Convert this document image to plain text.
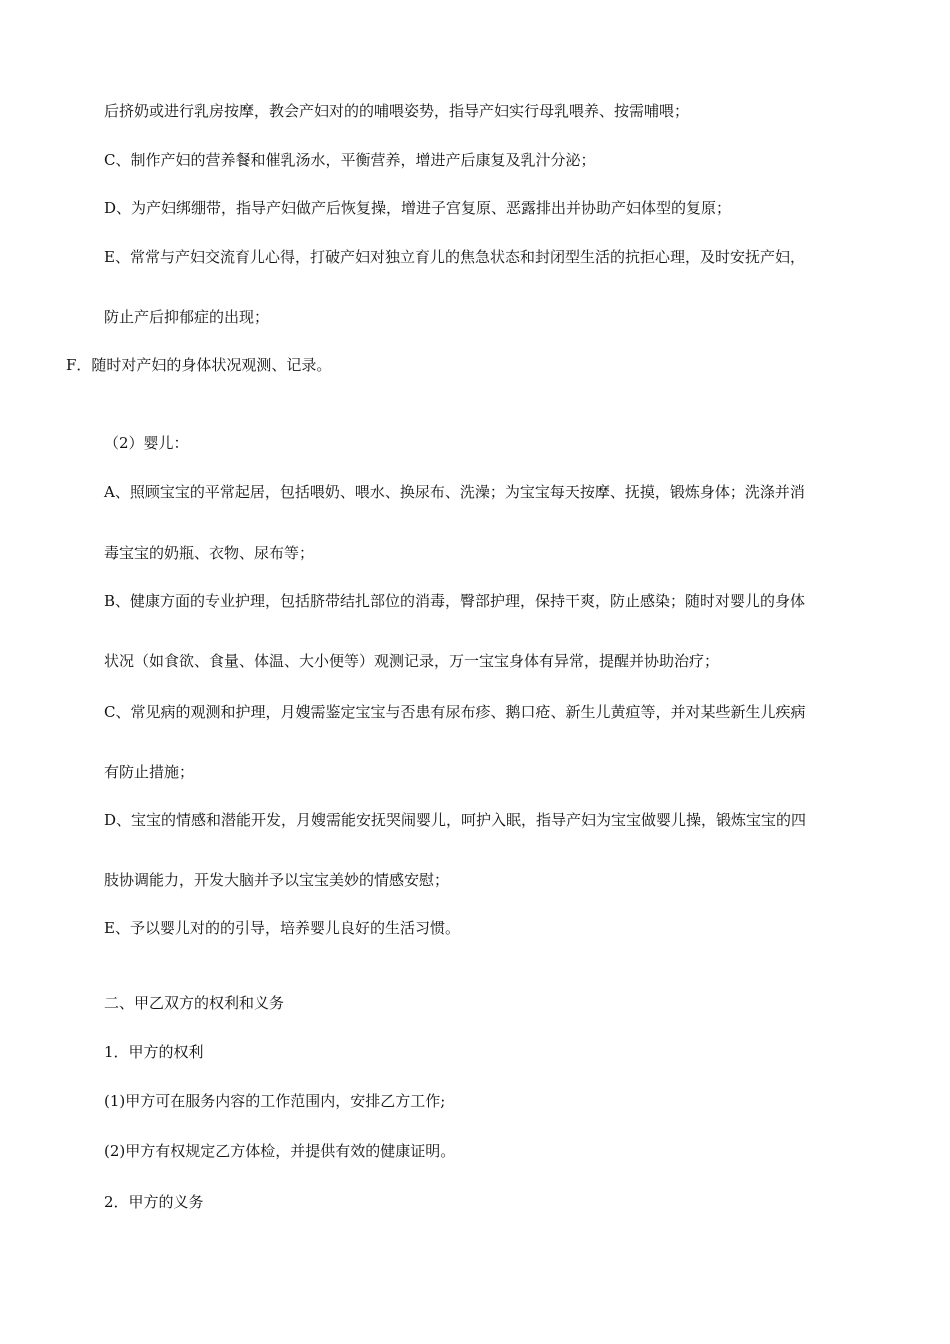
后挤奶或进行乳房按摩，教会产妇对的的哺喂姿势，指导产妇实行母乳喂养、按需哺喂；
C、制作产妇的营养餐和催乳汤水，平衡营养，增进产后康复及乳汁分泌；
D、为产妇绑绷带，指导产妇做产后恢复操，增进子宫复原、恶露排出并协助产妇体型的复原；
E、常常与产妇交流育儿心得，打破产妇对独立育儿的焦急状态和封闭型生活的抗拒心理，及时安抚产妇，
防止产后抑郁症的出现；
F．随时对产妇的身体状况观测、记录。
（2）婴儿：
A、照顾宝宝的平常起居，包括喂奶、喂水、换尿布、洗澡；为宝宝每天按摩、抚摸，锻炼身体；洗涤并消
毒宝宝的奶瓶、衣物、尿布等；
B、健康方面的专业护理，包括脐带结扎部位的消毒，臀部护理，保持干爽，防止感染；随时对婴儿的身体
状况（如食欲、食量、体温、大小便等）观测记录，万一宝宝身体有异常，提醒并协助治疗；
C、常见病的观测和护理，月嫂需鉴定宝宝与否患有尿布疹、鹅口疮、新生儿黄疸等，并对某些新生儿疾病
有防止措施；
D、宝宝的情感和潜能开发，月嫂需能安抚哭闹婴儿，呵护入眠，指导产妇为宝宝做婴儿操，锻炼宝宝的四
肢协调能力，开发大脑并予以宝宝美妙的情感安慰；
E、予以婴儿对的的引导，培养婴儿良好的生活习惯。
二、甲乙双方的权利和义务
1．甲方的权利
(1)甲方可在服务内容的工作范围内，安排乙方工作;
(2)甲方有权规定乙方体检，并提供有效的健康证明。
2．甲方的义务
